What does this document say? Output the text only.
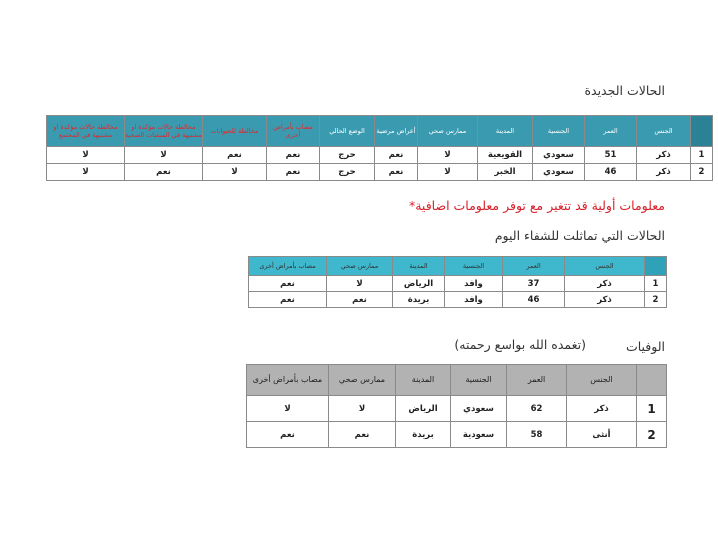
الحالات الجديدة
	الجنس	العمر	الجنسية	المدينة	ممارس صحي	أعراض مرضية	الوضع الحالي	مصاب بأمراض أخرى	مخالطة للحيوانات	مخالطة حالات مؤكدة او مشتبهة في المنشات الصحية	مخالطة حالات مؤكدة او مشتبهة في المجتمع
1	ذكر	51	سعودي	القويعية	لا	نعم	حرج	نعم	نعم	لا	لا
2	ذكر	46	سعودي	الخبر	لا	نعم	حرج	نعم	لا	نعم	لا
معلومات أولية قد تتغير مع توفر معلومات اضافية*
الحالات التي تماثلت للشفاء اليوم
	الجنس	العمر	الجنسية	المدينة	ممارس صحي	مصاب بأمراض أخرى
1	ذكر	37	وافد	الرياض	لا	نعم
2	ذكر	46	وافد	بريدة	نعم	نعم
الوفيات
(تغمده الله بواسع رحمته)
	الجنس	العمر	الجنسية	المدينة	ممارس صحي	مصاب بأمراض أخرى
1	ذكر	62	سعودي	الرياض	لا	لا
2	أنثى	58	سعودية	بريدة	نعم	نعم
